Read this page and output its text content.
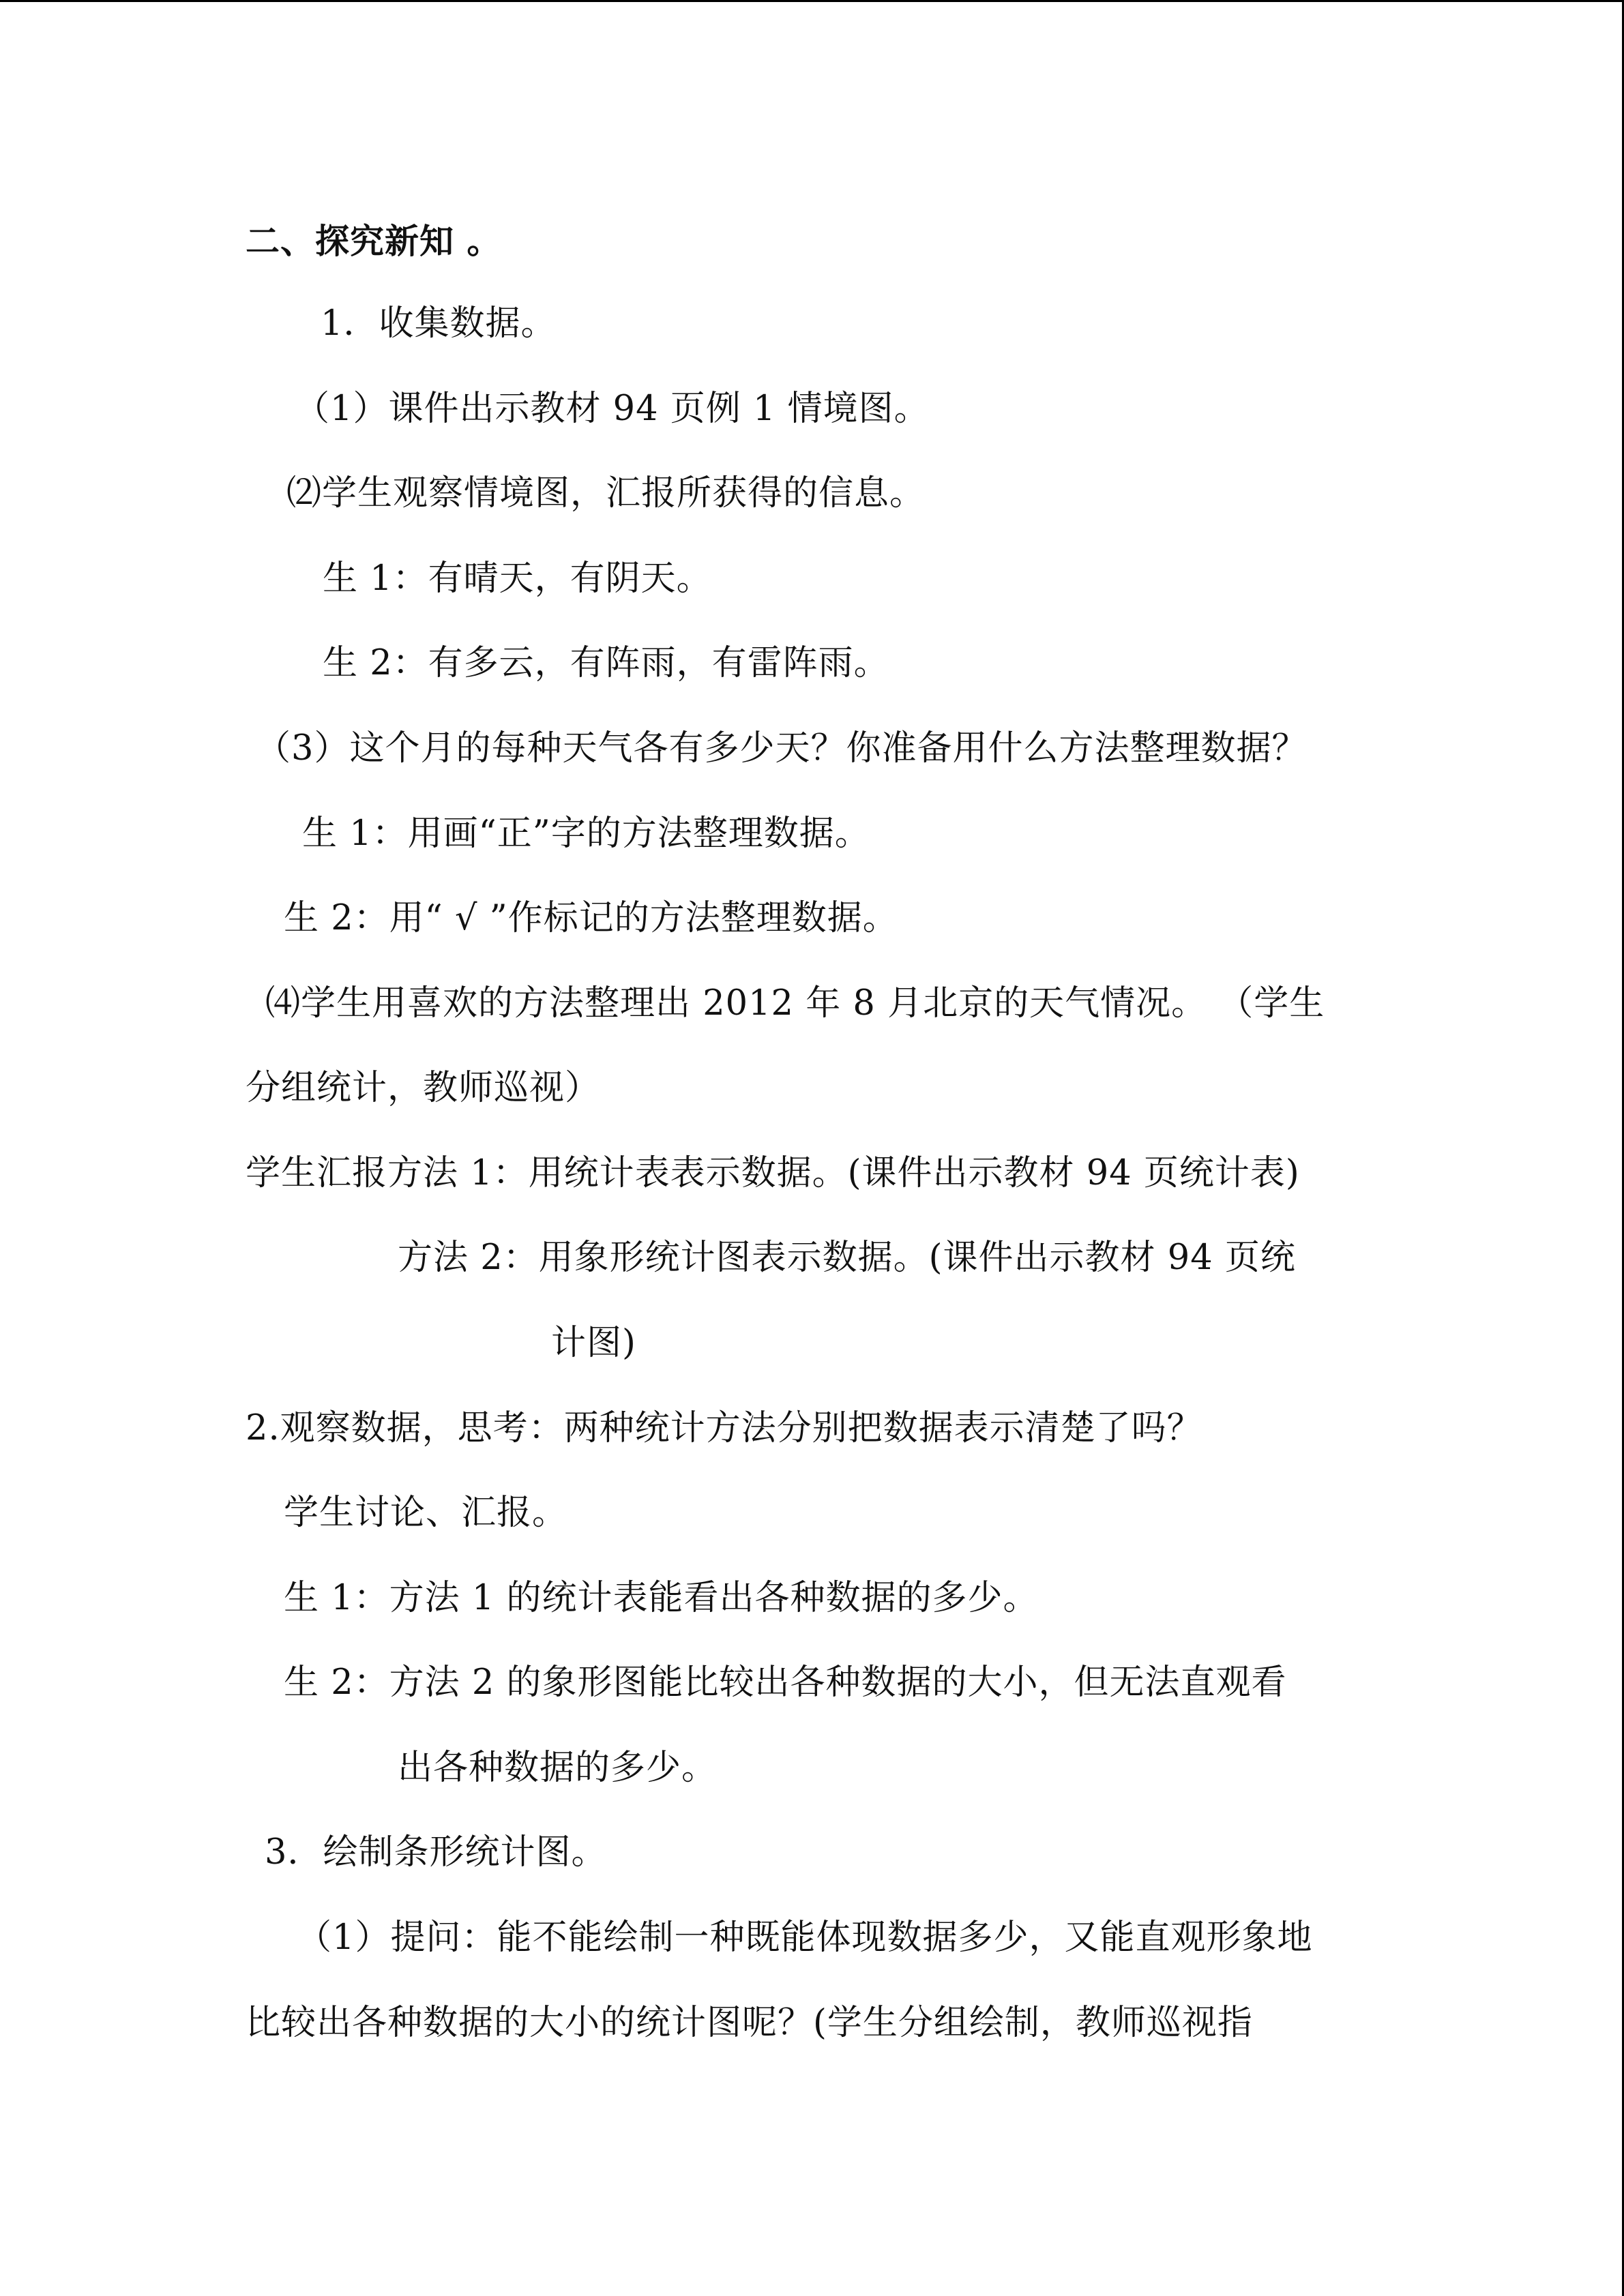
二、探究新知 。
1．收集数据。
（1）课件出示教材 94 页例 1 情境图。
⑵学生观察情境图，汇报所获得的信息。
生 1：有晴天，有阴天。
生 2：有多云，有阵雨，有雷阵雨。
（3）这个月的每种天气各有多少天？你准备用什么方法整理数据？
生 1：用画“正”字的方法整理数据。
生 2：用“ √ ”作标记的方法整理数据。
⑷学生用喜欢的方法整理出 2012 年 8 月北京的天气情况。 （学生
分组统计，教师巡视）
学生汇报方法 1：用统计表表示数据。(课件出示教材 94 页统计表)
方法 2：用象形统计图表示数据。(课件出示教材 94 页统
计图)
2.观察数据，思考：两种统计方法分别把数据表示清楚了吗？
学生讨论、汇报。
生 1：方法 1 的统计表能看出各种数据的多少。
生 2：方法 2 的象形图能比较出各种数据的大小，但无法直观看
出各种数据的多少。
3．绘制条形统计图。
（1）提问：能不能绘制一种既能体现数据多少，又能直观形象地
比较出各种数据的大小的统计图呢？(学生分组绘制，教师巡视指
